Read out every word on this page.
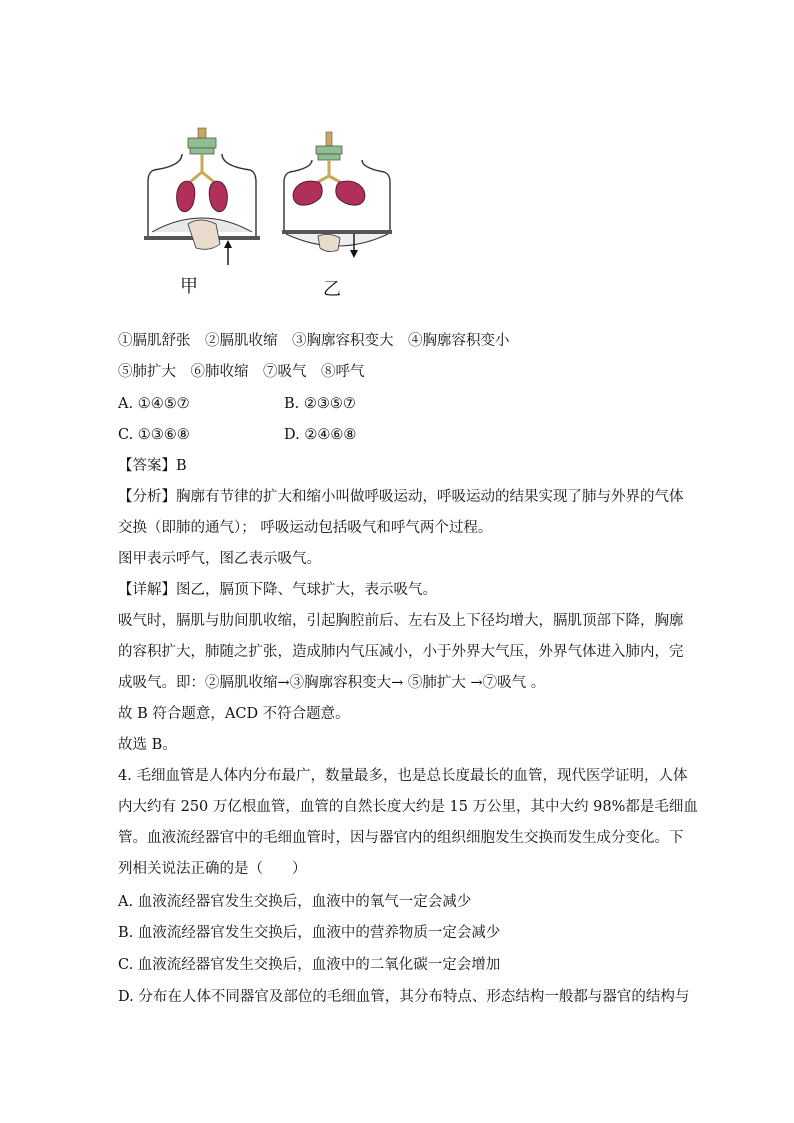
甲	乙
①膈肌舒张　②膈肌收缩　③胸廓容积变大　④胸廓容积变小
⑤肺扩大　⑥肺收缩　⑦吸气　⑧呼气
A. ①④⑤⑦	B. ②③⑤⑦
C. ①③⑥⑧	D. ②④⑥⑧
【答案】B
【分析】胸廓有节律的扩大和缩小叫做呼吸运动，呼吸运动的结果实现了肺与外界的气体
交换（即肺的通气）； 呼吸运动包括吸气和呼气两个过程。
图甲表示呼气，图乙表示吸气。
【详解】图乙，膈顶下降、气球扩大，表示吸气。
吸气时，膈肌与肋间肌收缩，引起胸腔前后、左右及上下径均增大，膈肌顶部下降，胸廓
的容积扩大，肺随之扩张，造成肺内气压减小，小于外界大气压，外界气体进入肺内，完
成吸气。即：②膈肌收缩→③胸廓容积变大→ ⑤肺扩大 →⑦吸气 。
故 B 符合题意，ACD 不符合题意。
故选 B。
4. 毛细血管是人体内分布最广，数量最多，也是总长度最长的血管，现代医学证明，人体
内大约有 250 万亿根血管，血管的自然长度大约是 15 万公里，其中大约 98%都是毛细血
管。血液流经器官中的毛细血管时，因与器官内的组织细胞发生交换而发生成分变化。下
列相关说法正确的是（　　）
A. 血液流经器官发生交换后，血液中的氧气一定会减少
B. 血液流经器官发生交换后，血液中的营养物质一定会减少
C. 血液流经器官发生交换后，血液中的二氧化碳一定会增加
D. 分布在人体不同器官及部位的毛细血管，其分布特点、形态结构一般都与器官的结构与
